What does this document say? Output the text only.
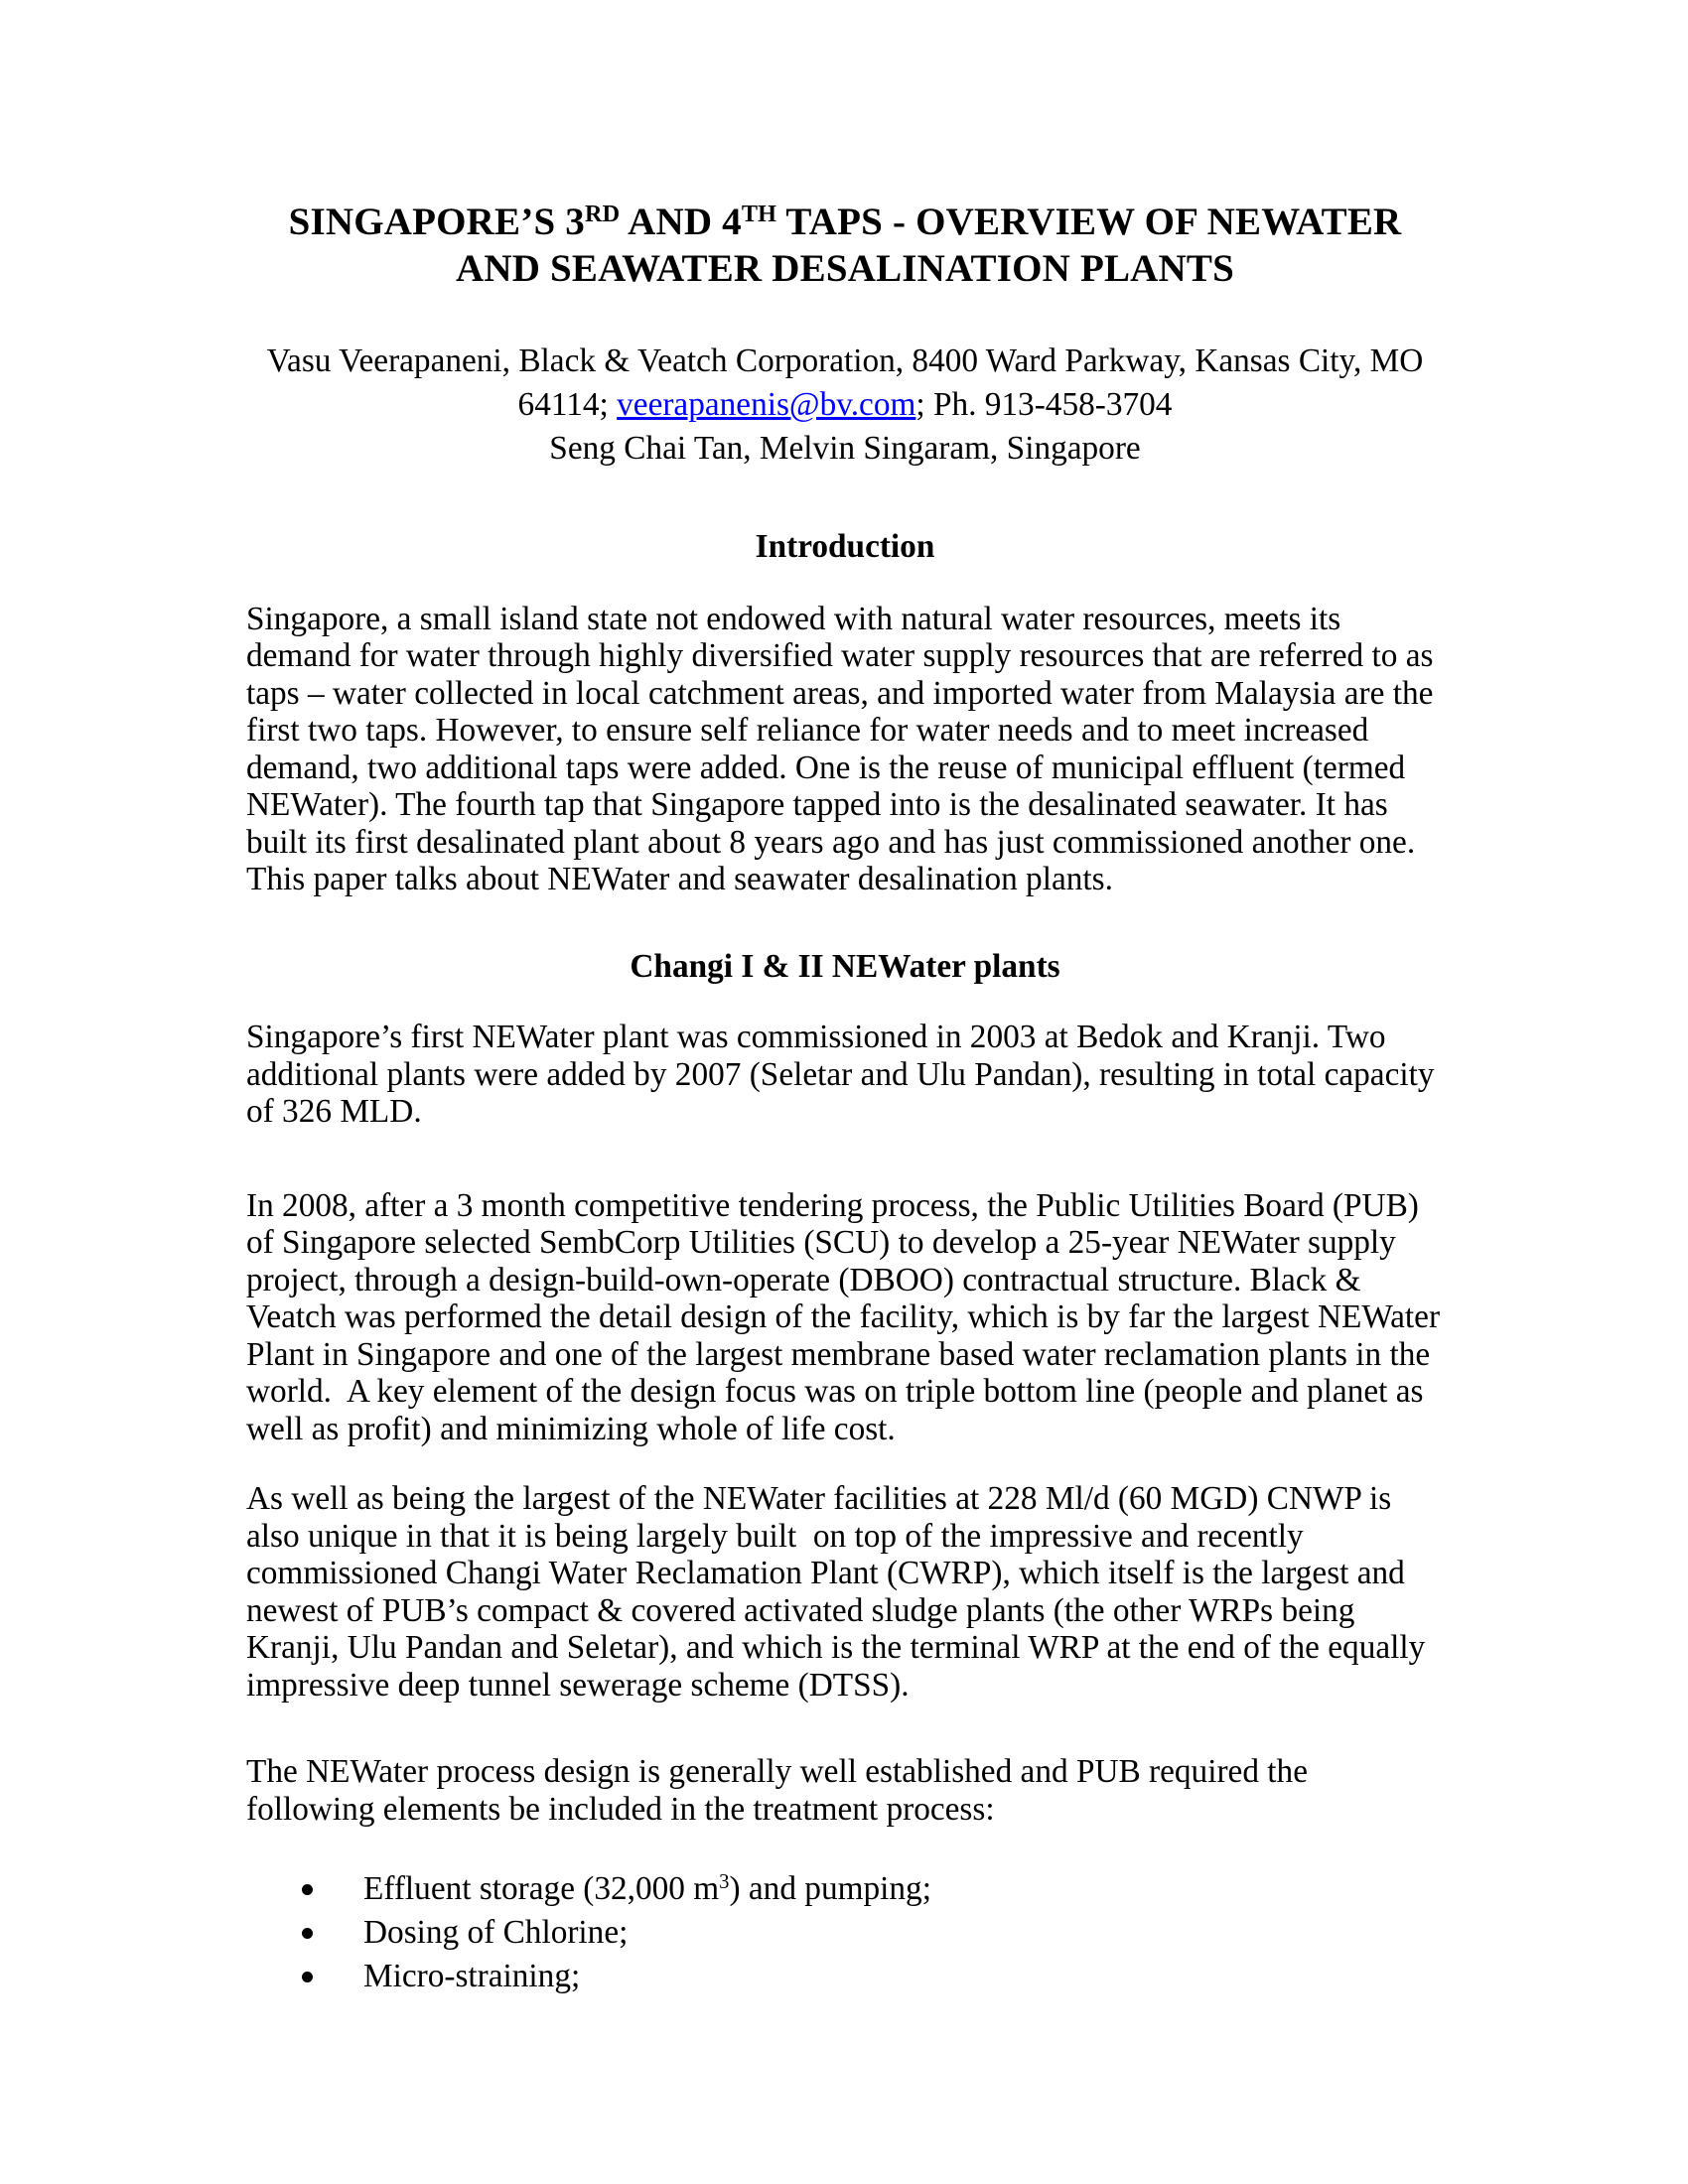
SINGAPORE’S 3RD AND 4TH TAPS - OVERVIEW OF NEWATER
AND SEAWATER DESALINATION PLANTS
Vasu Veerapaneni, Black & Veatch Corporation, 8400 Ward Parkway, Kansas City, MO
64114; veerapanenis@bv.com; Ph. 913-458-3704
Seng Chai Tan, Melvin Singaram, Singapore
Introduction

Singapore, a small island state not endowed with natural water resources, meets its demand for water through highly diversified water supply resources that are referred to as taps – water collected in local catchment areas, and imported water from Malaysia are the first two taps. However, to ensure self reliance for water needs and to meet increased demand, two additional taps were added. One is the reuse of municipal effluent (termed NEWater). The fourth tap that Singapore tapped into is the desalinated seawater. It has built its first desalinated plant about 8 years ago and has just commissioned another one. This paper talks about NEWater and seawater desalination plants.

Changi I & II NEWater plants

Singapore’s first NEWater plant was commissioned in 2003 at Bedok and Kranji. Two additional plants were added by 2007 (Seletar and Ulu Pandan), resulting in total capacity of 326 MLD.

In 2008, after a 3 month competitive tendering process, the Public Utilities Board (PUB) of Singapore selected SembCorp Utilities (SCU) to develop a 25-year NEWater supply project, through a design-build-own-operate (DBOO) contractual structure. Black & Veatch was performed the detail design of the facility, which is by far the largest NEWater Plant in Singapore and one of the largest membrane based water reclamation plants in the world.  A key element of the design focus was on triple bottom line (people and planet as well as profit) and minimizing whole of life cost.

As well as being the largest of the NEWater facilities at 228 Ml/d (60 MGD) CNWP is also unique in that it is being largely built  on top of the impressive and recently commissioned Changi Water Reclamation Plant (CWRP), which itself is the largest and newest of PUB’s compact & covered activated sludge plants (the other WRPs being Kranji, Ulu Pandan and Seletar), and which is the terminal WRP at the end of the equally impressive deep tunnel sewerage scheme (DTSS).

The NEWater process design is generally well established and PUB required the following elements be included in the treatment process:

Effluent storage (32,000 $m^3$) and pumping;
Dosing of Chlorine;
Micro-straining;
